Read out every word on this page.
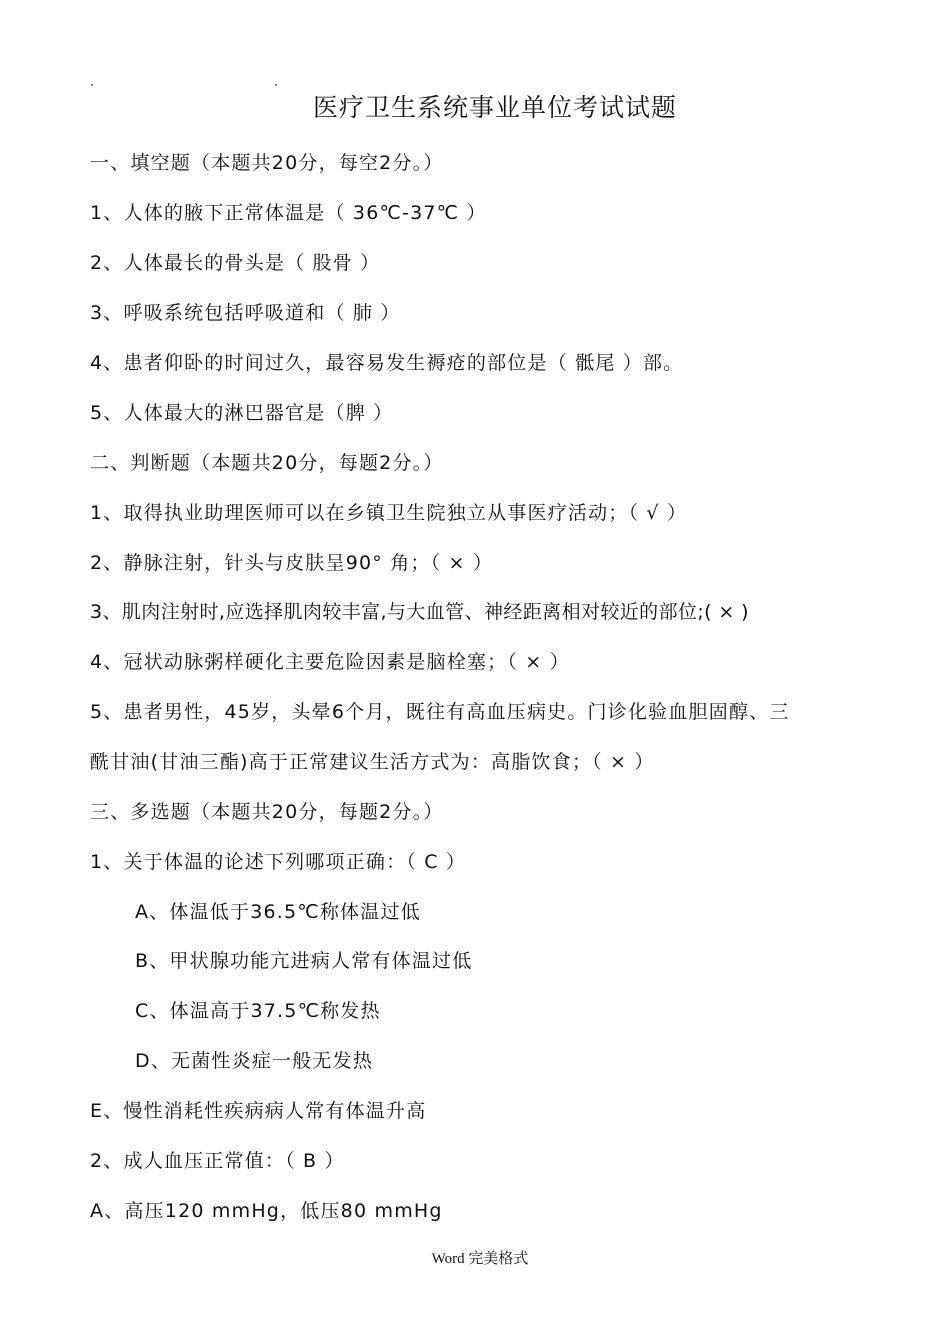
医疗卫生系统事业单位考试试题
一、填空题（本题共20分，每空2分。）
1、人体的腋下正常体温是（ 36℃-37℃ ）
2、人体最长的骨头是（ 股骨 ）
3、呼吸系统包括呼吸道和（ 肺 ）
4、患者仰卧的时间过久，最容易发生褥疮的部位是（ 骶尾 ）部。
5、人体最大的淋巴器官是（脾 ）
二、判断题（本题共20分，每题2分。）
1、取得执业助理医师可以在乡镇卫生院独立从事医疗活动；（ √ ）
2、静脉注射，针头与皮肤呈90° 角；（ × ）
3、肌肉注射时,应选择肌肉较丰富,与大血管、神经距离相对较近的部位;( × )
4、冠状动脉粥样硬化主要危险因素是脑栓塞；（ × ）
5、患者男性，45岁，头晕6个月，既往有高血压病史。门诊化验血胆固醇、三
酰甘油(甘油三酯)高于正常建议生活方式为：高脂饮食；（ × ）
三、多选题（本题共20分，每题2分。）
1、关于体温的论述下列哪项正确：（ C ）
A、体温低于36.5℃称体温过低
B、甲状腺功能亢进病人常有体温过低
C、体温高于37.5℃称发热
D、无菌性炎症一般无发热
E、慢性消耗性疾病病人常有体温升高
2、成人血压正常值：（ B ）
A、高压120 mmHg，低压80 mmHg
Word 完美格式
